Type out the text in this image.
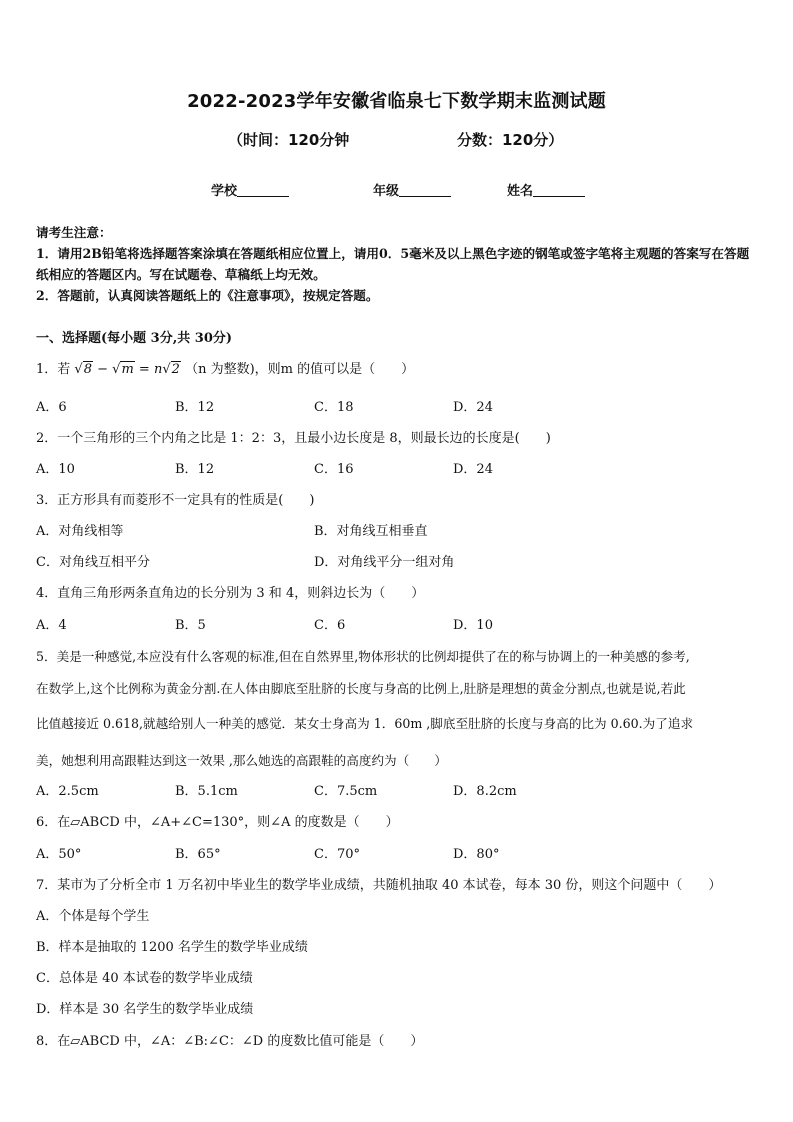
2022-2023学年安徽省临泉七下数学期末监测试题
（时间：120分钟	分数：120分）
学校	年级	姓名
请考生注意：
1．请用2B铅笔将选择题答案涂填在答题纸相应位置上，请用0．5毫米及以上黑色字迹的钢笔或签字笔将主观题的答案写在答题纸相应的答题区内。写在试题卷、草稿纸上均无效。
2．答题前，认真阅读答题纸上的《注意事项》，按规定答题。
一、选择题(每小题 3分,共 30分)
1．若 √8 − √m = n√2 （n 为整数)，则m 的值可以是（　　）
A．6	B．12	C．18	D．24
2．一个三角形的三个内角之比是 1：2：3，且最小边长度是 8，则最长边的长度是(　　)
A．10	B．12	C．16	D．24
3．正方形具有而菱形不一定具有的性质是(　　)
A．对角线相等	B．对角线互相垂直
C．对角线互相平分	D．对角线平分一组对角
4．直角三角形两条直角边的长分别为 3 和 4，则斜边长为（　　）
A．4	B．5	C．6	D．10
5．美是一种感觉,本应没有什么客观的标准,但在自然界里,物体形状的比例却提供了在的称与协调上的一种美感的参考,
在数学上,这个比例称为黄金分割.在人体由脚底至肚脐的长度与身高的比例上,肚脐是理想的黄金分割点,也就是说,若此
比值越接近 0.618,就越给别人一种美的感觉．某女士身高为 1．60m ,脚底至肚脐的长度与身高的比为 0.60.为了追求
美，她想利用高跟鞋达到这一效果 ,那么她选的高跟鞋的高度约为（　　）
A．2.5cm	B．5.1cm	C．7.5cm	D．8.2cm
6．在▱ABCD 中，∠A+∠C=130°，则∠A 的度数是（　　）
A．50°	B．65°	C．70°	D．80°
7．某市为了分析全市 1 万名初中毕业生的数学毕业成绩，共随机抽取 40 本试卷，每本 30 份，则这个问题中（　　）
A．个体是每个学生
B．样本是抽取的 1200 名学生的数学毕业成绩
C．总体是 40 本试卷的数学毕业成绩
D．样本是 30 名学生的数学毕业成绩
8．在▱ABCD 中，∠A：∠B:∠C：∠D 的度数比值可能是（　　）
